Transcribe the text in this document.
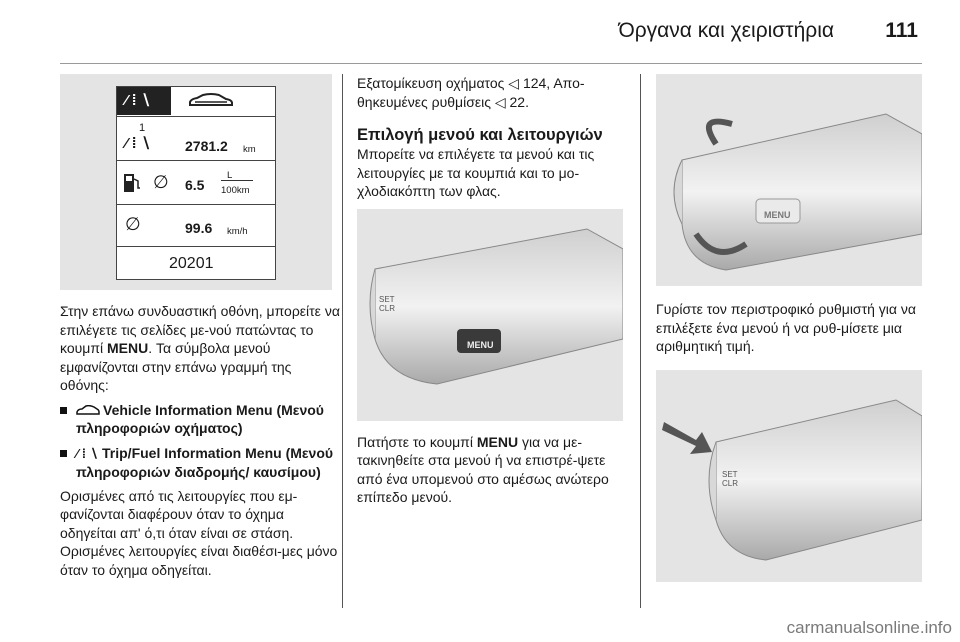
Όργανα και χειριστήρια 111
⁄ ⁞ ∖
1
⁄ ⁞ ∖ 2781.2 km
∅ 6.5
L
100km
∅	99.6 km/h
20201

Στην επάνω συνδυαστική οθόνη, μπορείτε να επιλέγετε τις σελίδες με-νού πατώντας το κουμπί MENU. Τα σύμβολα μενού εμφανίζονται στην επάνω γραμμή της οθόνης:

Vehicle Information Menu (Μενού πληροφοριών οχήματος)
⁄ ⁞ ∖ Trip/Fuel Information Menu (Μενού πληροφοριών διαδρομής/ καυσίμου)

Ορισμένες από τις λειτουργίες που εμ-φανίζονται διαφέρουν όταν το όχημα οδηγείται απ' ό,τι όταν είναι σε στάση. Ορισμένες λειτουργίες είναι διαθέσι-μες μόνο όταν το όχημα οδηγείται.

Εξατομίκευση οχήματος ◁ 124, Απο-θηκευμένες ρυθμίσεις ◁ 22.

Επιλογή μενού και λειτουργιών

Μπορείτε να επιλέγετε τα μενού και τις λειτουργίες με τα κουμπιά και το μο-χλοδιακόπτη των φλας.

MENU
SET CLR

Πατήστε το κουμπί MENU για να με-τακινηθείτε στα μενού ή να επιστρέ-ψετε από ένα υπομενού στο αμέσως ανώτερο επίπεδο μενού.

MENU

Γυρίστε τον περιστροφικό ρυθμιστή για να επιλέξετε ένα μενού ή να ρυθ-μίσετε μια αριθμητική τιμή.

SET CLR
carmanualsonline.info
